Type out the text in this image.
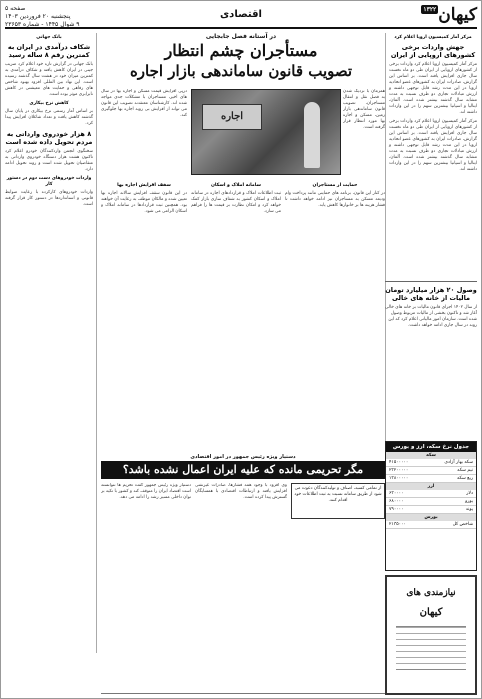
کیهان۱۳۲۲
اقتصادی
صفحه ۵
پنجشنبه ۲۰ فروردین ۱۴۰۳
۹ شوال ۱۴۴۵ - شماره ۲۳۶۵۳
مرکز آمار کمیسیون اروپا اعلام کرد
جهش واردات برخی کشورهای اروپایی از ایران

مرکز آمار کمیسیون اروپا اعلام کرد واردات برخی از کشورهای اروپایی از ایران طی دو ماه نخست سال جاری افزایش یافته است. بر اساس این گزارش، صادرات ایران به کشورهای عضو اتحادیه اروپا در این مدت رشد قابل توجهی داشته و ارزش مبادلات تجاری دو طرف نسبت به مدت مشابه سال گذشته بیشتر شده است. آلمان، ایتالیا و اسپانیا بیشترین سهم را در این واردات داشته اند.

مرکز آمار کمیسیون اروپا اعلام کرد واردات برخی از کشورهای اروپایی از ایران طی دو ماه نخست سال جاری افزایش یافته است. بر اساس این گزارش، صادرات ایران به کشورهای عضو اتحادیه اروپا در این مدت رشد قابل توجهی داشته و ارزش مبادلات تجاری دو طرف نسبت به مدت مشابه سال گذشته بیشتر شده است. آلمان، ایتالیا و اسپانیا بیشترین سهم را در این واردات داشته اند.

وصول ۲۰ هزار میلیارد تومان مالیات از خانه های خالی

از سال ۱۴۰۲ اجرای قانون مالیات بر خانه های خالی آغاز شد و تاکنون بخشی از مالیات مربوط وصول شده است. سازمان امور مالیاتی اعلام کرد که این روند در سال جاری ادامه خواهد داشت.

بانک جهانی
شکاف درآمدی در ایران به کمترین رقم ۸ ساله رسید

بانک جهانی در گزارش تازه خود اعلام کرد ضریب جینی در ایران کاهش یافته و شکاف درآمدی به کمترین میزان خود در هشت سال گذشته رسیده است. این نهاد بین المللی افزود بهبود شاخص های رفاهی و حمایت های معیشتی در کاهش نابرابری موثر بوده است.

کاهش نرخ بیکاری

بر اساس آمار رسمی نرخ بیکاری در پایان سال گذشته کاهش یافت و تعداد شاغلان افزایش پیدا کرد.

۸ هزار خودروی وارداتی به مردم تحویل داده شده است

سخنگوی انجمن واردکنندگان خودرو اعلام کرد تاکنون هشت هزار دستگاه خودروی وارداتی به متقاضیان تحویل شده است و روند تحویل ادامه دارد.

واردات خودروهای دست دوم در دستور کار

واردات خودروهای کارکرده با رعایت ضوابط قانونی و استانداردها در دستور کار قرار گرفته است.

در آستانه فصل جابجایی
مستأجران چشم انتظار
تصویب قانون ساماندهی بازار اجاره
اجاره

همزمان با نزدیک شدن به فصل نقل و انتقال مستاجران، تصویب قانون ساماندهی بازار زمین، مسکن و اجاره بها مورد انتظار قرار گرفته است.

درپی افزایش قیمت مسکن و اجاره بها در سال های اخیر، مستاجران با مشکلات جدی مواجه شده اند. کارشناسان معتقدند تصویب این قانون می تواند از افزایش بی رویه اجاره بها جلوگیری کند.

سقف افزایش اجاره بها

در این قانون سقف افزایش سالانه اجاره بها تعیین شده و مالکان موظف به رعایت آن خواهند بود. همچنین ثبت قراردادها در سامانه املاک و اسکان الزامی می شود.

سامانه املاک و اسکان

ثبت اطلاعات املاک و قراردادهای اجاره در سامانه املاک و اسکان کشور به شفاف سازی بازار کمک خواهد کرد و امکان نظارت بر قیمت ها را فراهم می سازد.

حمایت از مستاجران

در کنار این قانون، برنامه های حمایتی مانند پرداخت وام ودیعه مسکن به مستاجران نیز ادامه خواهد داشت تا فشار هزینه ها بر خانوارها کاهش یابد.

دستیار ویژه رئیس جمهور در امور اقتصادی
مگر تحریمی مانده که علیه ایران اعمال نشده باشد؟

دستیار ویژه رئیس جمهور گفت تحریم ها نتوانسته است اقتصاد ایران را متوقف کند و کشور با تکیه بر توان داخلی مسیر رشد را ادامه می دهد.

وی افزود با وجود همه فشارها، صادرات غیرنفتی افزایش یافته و ارتباطات اقتصادی با همسایگان گسترش پیدا کرده است.

از تمامی کسبه، اصناف و تولیدکنندگان دعوت می شود از طریق سامانه نسبت به ثبت اطلاعات خود اقدام کنند.
جدول نرخ سکه، ارز و بورس
سکه
سکه بهار آزادی
۴۱۵۰۰۰۰۰
نیم سکه
۲۳۲۰۰۰۰۰
ربع سکه
۱۳۸۰۰۰۰۰
ارز
دلار
۶۳۰۰۰۰
یورو
۶۸۰۰۰۰
پوند
۷۹۰۰۰۰
بورس
شاخص کل
۲۱۳۵۰۰۰
نیازمندی های
کیهان
